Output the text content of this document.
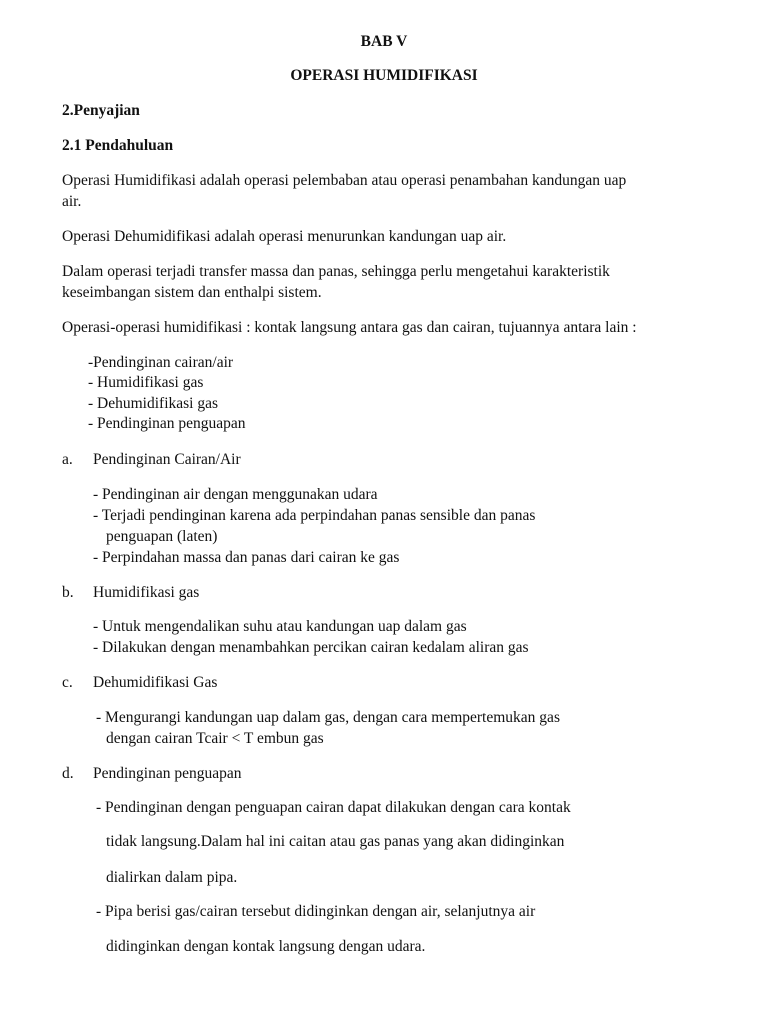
BAB V
OPERASI HUMIDIFIKASI
2.Penyajian
2.1 Pendahuluan
Operasi Humidifikasi adalah operasi pelembaban atau operasi penambahan kandungan uap
air.
Operasi Dehumidifikasi adalah operasi menurunkan kandungan uap air.
Dalam operasi terjadi transfer massa dan panas, sehingga perlu mengetahui karakteristik
keseimbangan sistem dan enthalpi sistem.
Operasi-operasi humidifikasi : kontak langsung antara gas dan cairan, tujuannya antara lain :
-Pendinginan cairan/air
- Humidifikasi gas
- Dehumidifikasi gas
- Pendinginan penguapan
a. Pendinginan Cairan/Air
- Pendinginan air dengan menggunakan udara
- Terjadi pendinginan karena ada perpindahan panas sensible dan panas
penguapan (laten)
- Perpindahan massa dan panas dari cairan ke gas
b. Humidifikasi gas
- Untuk mengendalikan suhu atau kandungan uap dalam gas
- Dilakukan dengan menambahkan percikan cairan kedalam aliran gas
c. Dehumidifikasi Gas
- Mengurangi kandungan uap dalam gas, dengan cara mempertemukan gas
dengan cairan Tcair < T embun gas
d. Pendinginan penguapan
- Pendinginan dengan penguapan cairan dapat dilakukan dengan cara kontak
tidak langsung.Dalam hal ini caitan atau gas panas yang akan didinginkan
dialirkan dalam pipa.
- Pipa berisi gas/cairan tersebut didinginkan dengan air, selanjutnya air
didinginkan dengan kontak langsung dengan udara.
